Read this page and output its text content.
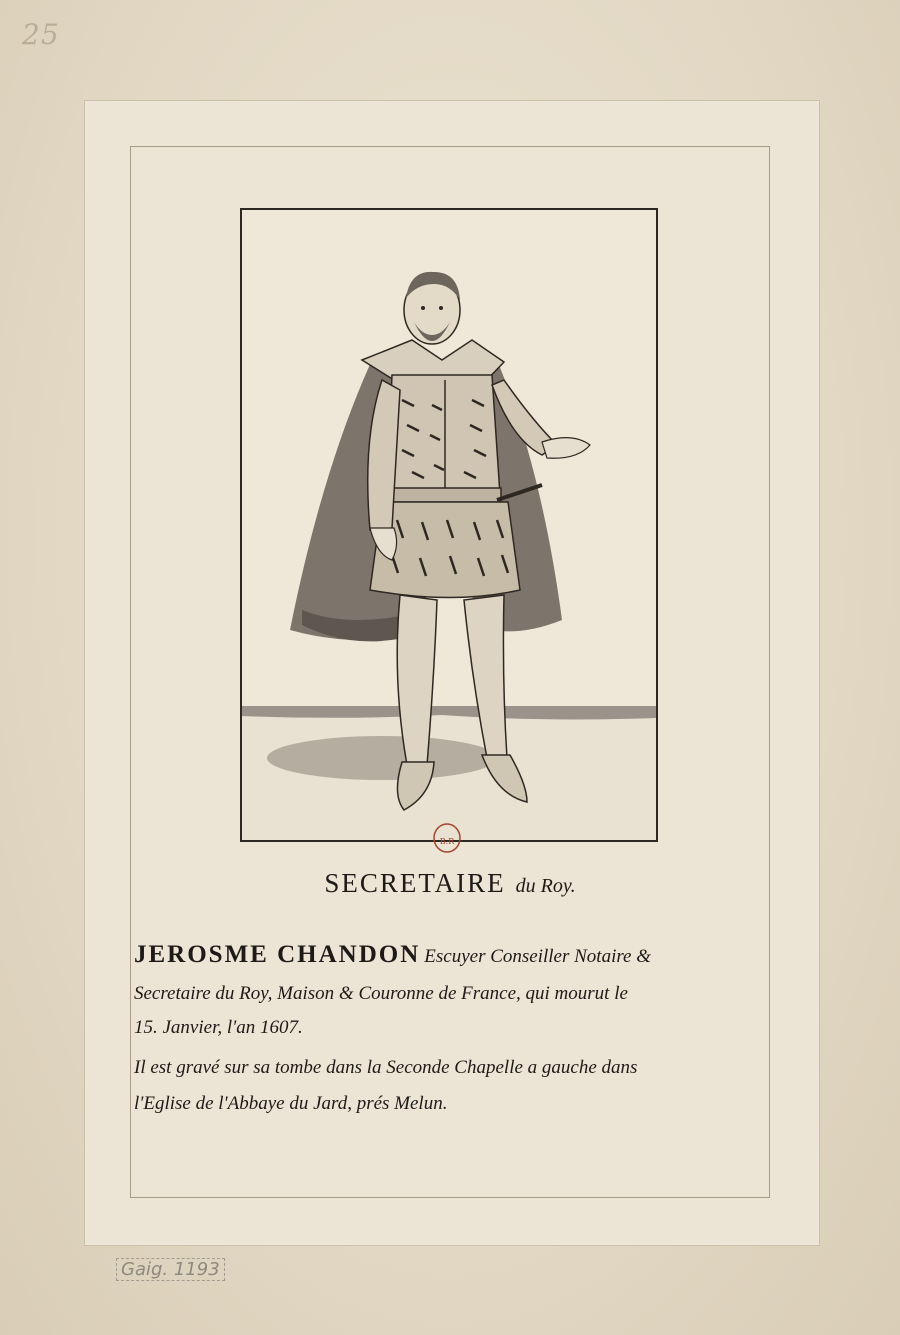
25
B.R
SECRETAIRE du Roy.
JEROSME CHANDON Escuyer Conseiller Notaire &
Secretaire du Roy, Maison & Couronne de France, qui mourut le
15. Janvier, l'an 1607.
Il est gravé sur sa tombe dans la Seconde Chapelle a gauche dans
l'Eglise de l'Abbaye du Jard, prés Melun.
Gaig. 1193
